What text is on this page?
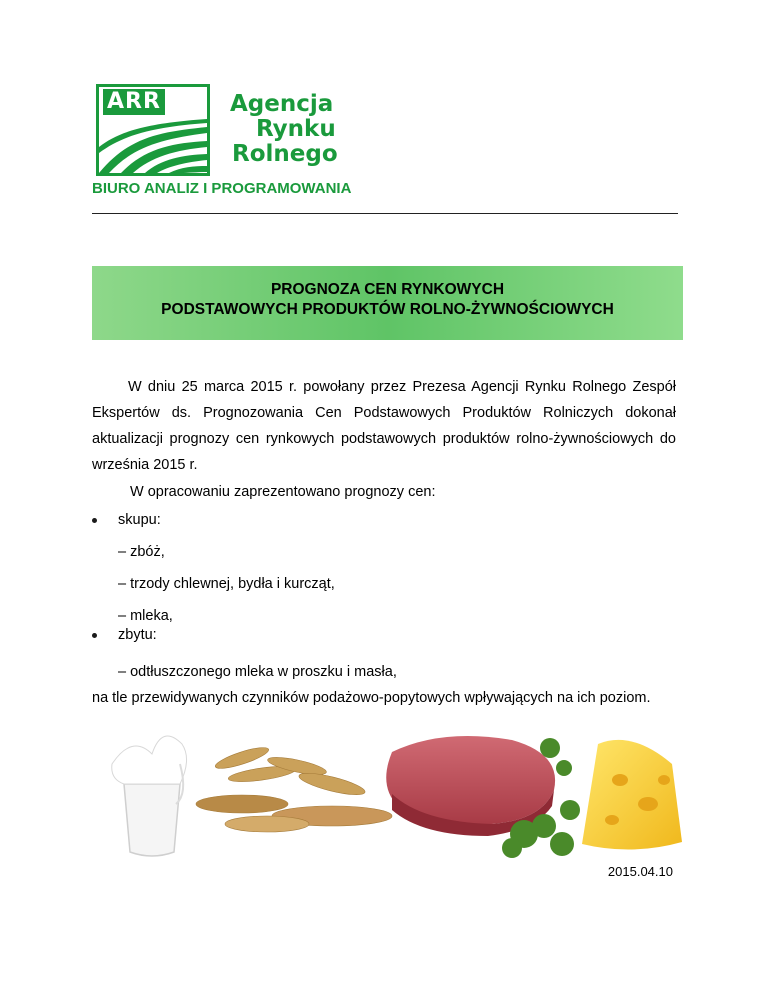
ARR	Agencja
Rynku
Rolnego
BIURO ANALIZ I PROGRAMOWANIA
PROGNOZA CEN RYNKOWYCH
PODSTAWOWYCH PRODUKTÓW ROLNO-ŻYWNOŚCIOWYCH
W dniu 25 marca 2015 r. powołany przez Prezesa Agencji Rynku Rolnego Zespół Ekspertów ds. Prognozowania Cen Podstawowych Produktów Rolniczych dokonał aktualizacji prognozy cen rynkowych podstawowych produktów rolno-żywnościowych do września 2015 r.
W opracowaniu zaprezentowano prognozy cen:
skupu:
– zbóż,
– trzody chlewnej, bydła i kurcząt,
– mleka,
zbytu:
– odtłuszczonego mleka w proszku i masła,
na tle przewidywanych czynników podażowo-popytowych wpływających na ich poziom.
2015.04.10
